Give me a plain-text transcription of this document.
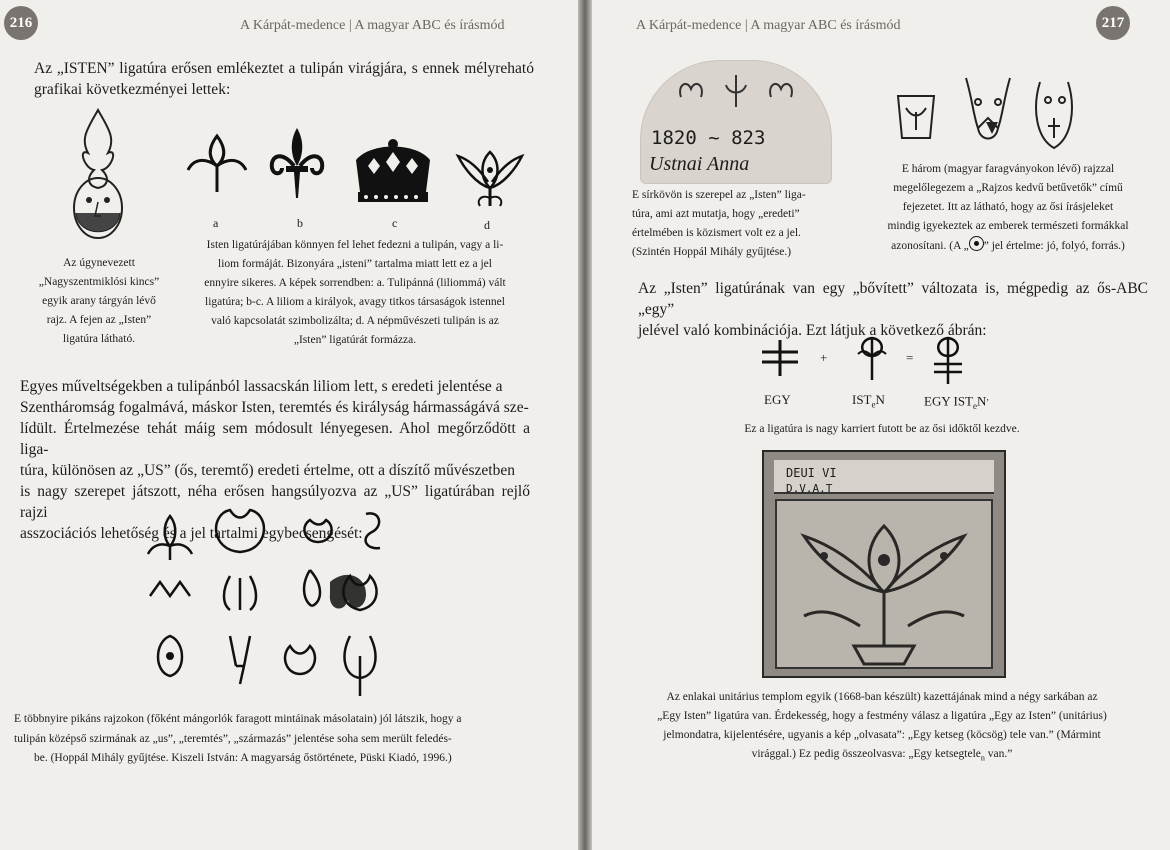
216	A Kárpát-medence | A magyar ABC és írásmód
Az „ISTEN” ligatúra erősen emlékeztet a tulipán virágjára, s ennek mélyreható grafikai következményei lettek:
a	b	c	d
Az úgynevezett
„Nagyszentmiklósi kincs”
egyik arany tárgyán lévő
rajz. A fejen az „Isten”
ligatúra látható.
Isten ligatúrájában könnyen fel lehet fedezni a tulipán, vagy a li-
liom formáját. Bizonyára „isteni” tartalma miatt lett ez a jel
ennyire sikeres. A képek sorrendben: a. Tulipánná (liliommá) vált
ligatúra; b-c. A liliom a királyok, avagy titkos társaságok istennel
való kapcsolatát szimbolizálta; d. A népművészeti tulipán is az
„Isten” ligatúrát formázza.
Egyes műveltségekben a tulipánból lassacskán liliom lett, s eredeti jelentése a
Szentháromság fogalmává, máskor Isten, teremtés és királyság hármasságává sze-
lídült. Értelmezése tehát máig sem módosult lényegesen. Ahol megőrződött a liga-
túra, különösen az „US” (ős, teremtő) eredeti értelme, ott a díszítő művészetben
is nagy szerepet játszott, néha erősen hangsúlyozva az „US” ligatúrában rejlő rajzi
asszociációs lehetőség és a jel tartalmi egybecsengését:
E többnyire pikáns rajzokon (főként mángorlók faragott mintáinak másolatain) jól látszik, hogy a
tulipán középső szirmának az „us”, „teremtés”, „származás” jelentése soha sem merült feledés-
be. (Hoppál Mihály gyűjtése. Kiszeli István: A magyarság őstörténete, Püski Kiadó, 1996.)
217
A Kárpát-medence | A magyar ABC és írásmód
1820 ~ 823
Ustnai Anna
E sírkövön is szerepel az „Isten” liga-
túra, ami azt mutatja, hogy „eredeti”
értelmében is közismert volt ez a jel.
(Szintén Hoppál Mihály gyűjtése.)
E három (magyar faragványokon lévő) rajzzal
megelőlegezem a „Rajzos kedvű betűvetők” című
fejezetet. Itt az látható, hogy az ősi írásjeleket
mindig igyekeztek az emberek természeti formákkal
azonosítani. (A „ ” jel értelme: jó, folyó, forrás.)
Az „Isten” ligatúrának van egy „bővített” változata is, mégpedig az ős-ABC „egy”
jelével való kombinációja. Ezt látjuk a következő ábrán:
+	=
EGY	$IST_eN$	EGY $IST_eN^,$
Ez a ligatúra is nagy karriert futott be az ősi időktől kezdve.
DEUI VI
D.V.A.T
Az enlakai unitárius templom egyik (1668-ban készült) kazettájának mind a négy sarkában az
„Egy Isten” ligatúra van. Érdekesség, hogy a festmény válasz a ligatúra „Egy az Isten” (unitárius)
jelmondatra, kijelentésére, ugyanis a kép „olvasata”: „Egy ketseg (köcsög) tele van.” (Mármint
virággal.) Ez pedig összeolvasva: „Egy ketsegtele$_n$ van.”
